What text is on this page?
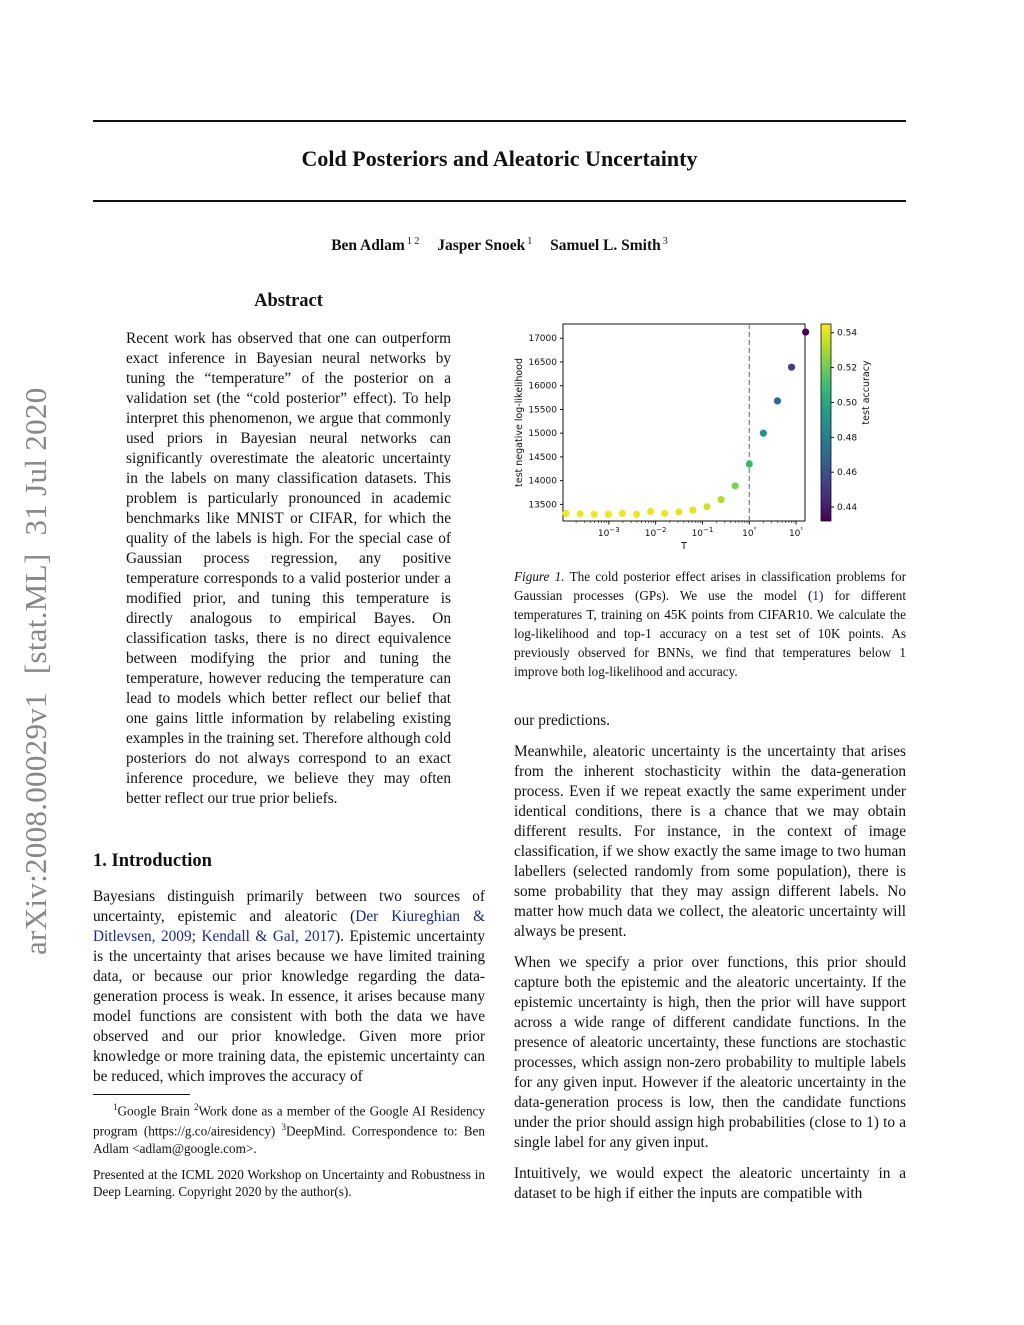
Cold Posteriors and Aleatoric Uncertainty
Ben Adlam $^{1 2}$ Jasper Snoek $^1$ Samuel L. Smith $^3$
arXiv:2008.00029v1[stat.ML]31 Jul 2020
Abstract
Recent work has observed that one can outperform exact inference in Bayesian neural networks by tuning the “temperature” of the posterior on a validation set (the “cold posterior” effect). To help interpret this phenomenon, we argue that commonly used priors in Bayesian neural networks can significantly overestimate the aleatoric uncertainty in the labels on many classification datasets. This problem is particularly pronounced in academic benchmarks like MNIST or CIFAR, for which the quality of the labels is high. For the special case of Gaussian process regression, any positive temperature corresponds to a valid posterior under a modified prior, and tuning this temperature is directly analogous to empirical Bayes. On classification tasks, there is no direct equivalence between modifying the prior and tuning the temperature, however reducing the temperature can lead to models which better reflect our belief that one gains little information by relabeling existing examples in the training set. Therefore although cold posteriors do not always correspond to an exact inference procedure, we believe they may often better reflect our true prior beliefs.
1. Introduction
Bayesians distinguish primarily between two sources of uncertainty, epistemic and aleatoric (Der Kiureghian & Ditlevsen, 2009; Kendall & Gal, 2017). Epistemic uncertainty is the uncertainty that arises because we have limited training data, or because our prior knowledge regarding the data-generation process is weak. In essence, it arises because many model functions are consistent with both the data we have observed and our prior knowledge. Given more prior knowledge or more training data, the epistemic uncertainty can be reduced, which improves the accuracy of
$^1$Google Brain $^2$Work done as a member of the Google AI Residency program (https://g.co/airesidency) $^3$DeepMind. Correspondence to: Ben Adlam <adlam@google.com>.
Presented at the ICML 2020 Workshop on Uncertainty and Robustness in Deep Learning. Copyright 2020 by the author(s).
13500
14000
14500
15000
15500
16000
16500
17000
$10^{-3}$	$10^{-2}$	$10^{-1}$	$10^{^0}$	$10^{^1}$
T
test negative log-likelihood
0.44
0.46
0.48
0.50
0.52
0.54
test accuracy
Figure 1. The cold posterior effect arises in classification problems for Gaussian processes (GPs). We use the model (1) for different temperatures T, training on 45K points from CIFAR10. We calculate the log-likelihood and top-1 accuracy on a test set of 10K points. As previously observed for BNNs, we find that temperatures below 1 improve both log-likelihood and accuracy.

our predictions.

Meanwhile, aleatoric uncertainty is the uncertainty that arises from the inherent stochasticity within the data-generation process. Even if we repeat exactly the same experiment under identical conditions, there is a chance that we may obtain different results. For instance, in the context of image classification, if we show exactly the same image to two human labellers (selected randomly from some population), there is some probability that they may assign different labels. No matter how much data we collect, the aleatoric uncertainty will always be present.

When we specify a prior over functions, this prior should capture both the epistemic and the aleatoric uncertainty. If the epistemic uncertainty is high, then the prior will have support across a wide range of different candidate functions. In the presence of aleatoric uncertainty, these functions are stochastic processes, which assign non-zero probability to multiple labels for any given input. However if the aleatoric uncertainty in the data-generation process is low, then the candidate functions under the prior should assign high probabilities (close to 1) to a single label for any given input.

Intuitively, we would expect the aleatoric uncertainty in a dataset to be high if either the inputs are compatible with
